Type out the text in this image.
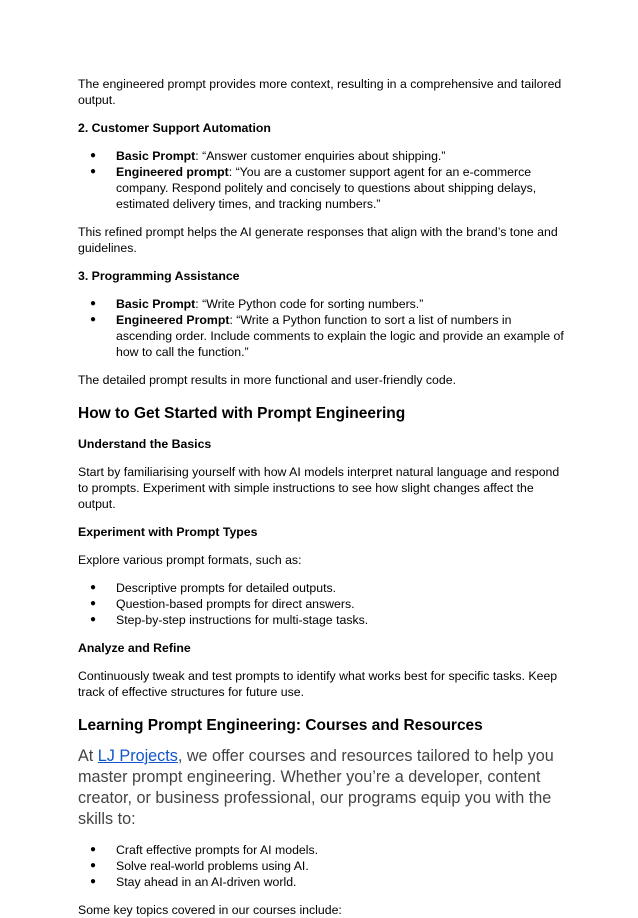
The engineered prompt provides more context, resulting in a comprehensive and tailored output.

2. Customer Support Automation

● Basic Prompt: “Answer customer enquiries about shipping.”
● Engineered prompt: “You are a customer support agent for an e-commerce company. Respond politely and concisely to questions about shipping delays, estimated delivery times, and tracking numbers.”

This refined prompt helps the AI generate responses that align with the brand’s tone and guidelines.

3. Programming Assistance

● Basic Prompt: “Write Python code for sorting numbers.”
● Engineered Prompt: “Write a Python function to sort a list of numbers in ascending order. Include comments to explain the logic and provide an example of how to call the function.”

The detailed prompt results in more functional and user-friendly code.

How to Get Started with Prompt Engineering

Understand the Basics

Start by familiarising yourself with how AI models interpret natural language and respond to prompts. Experiment with simple instructions to see how slight changes affect the output.

Experiment with Prompt Types

Explore various prompt formats, such as:

● Descriptive prompts for detailed outputs.
● Question-based prompts for direct answers.
● Step-by-step instructions for multi-stage tasks.

Analyze and Refine

Continuously tweak and test prompts to identify what works best for specific tasks. Keep track of effective structures for future use.

Learning Prompt Engineering: Courses and Resources

At LJ Projects, we offer courses and resources tailored to help you master prompt engineering. Whether you’re a developer, content creator, or business professional, our programs equip you with the skills to:

● Craft effective prompts for AI models.
● Solve real-world problems using AI.
● Stay ahead in an AI-driven world.

Some key topics covered in our courses include:
